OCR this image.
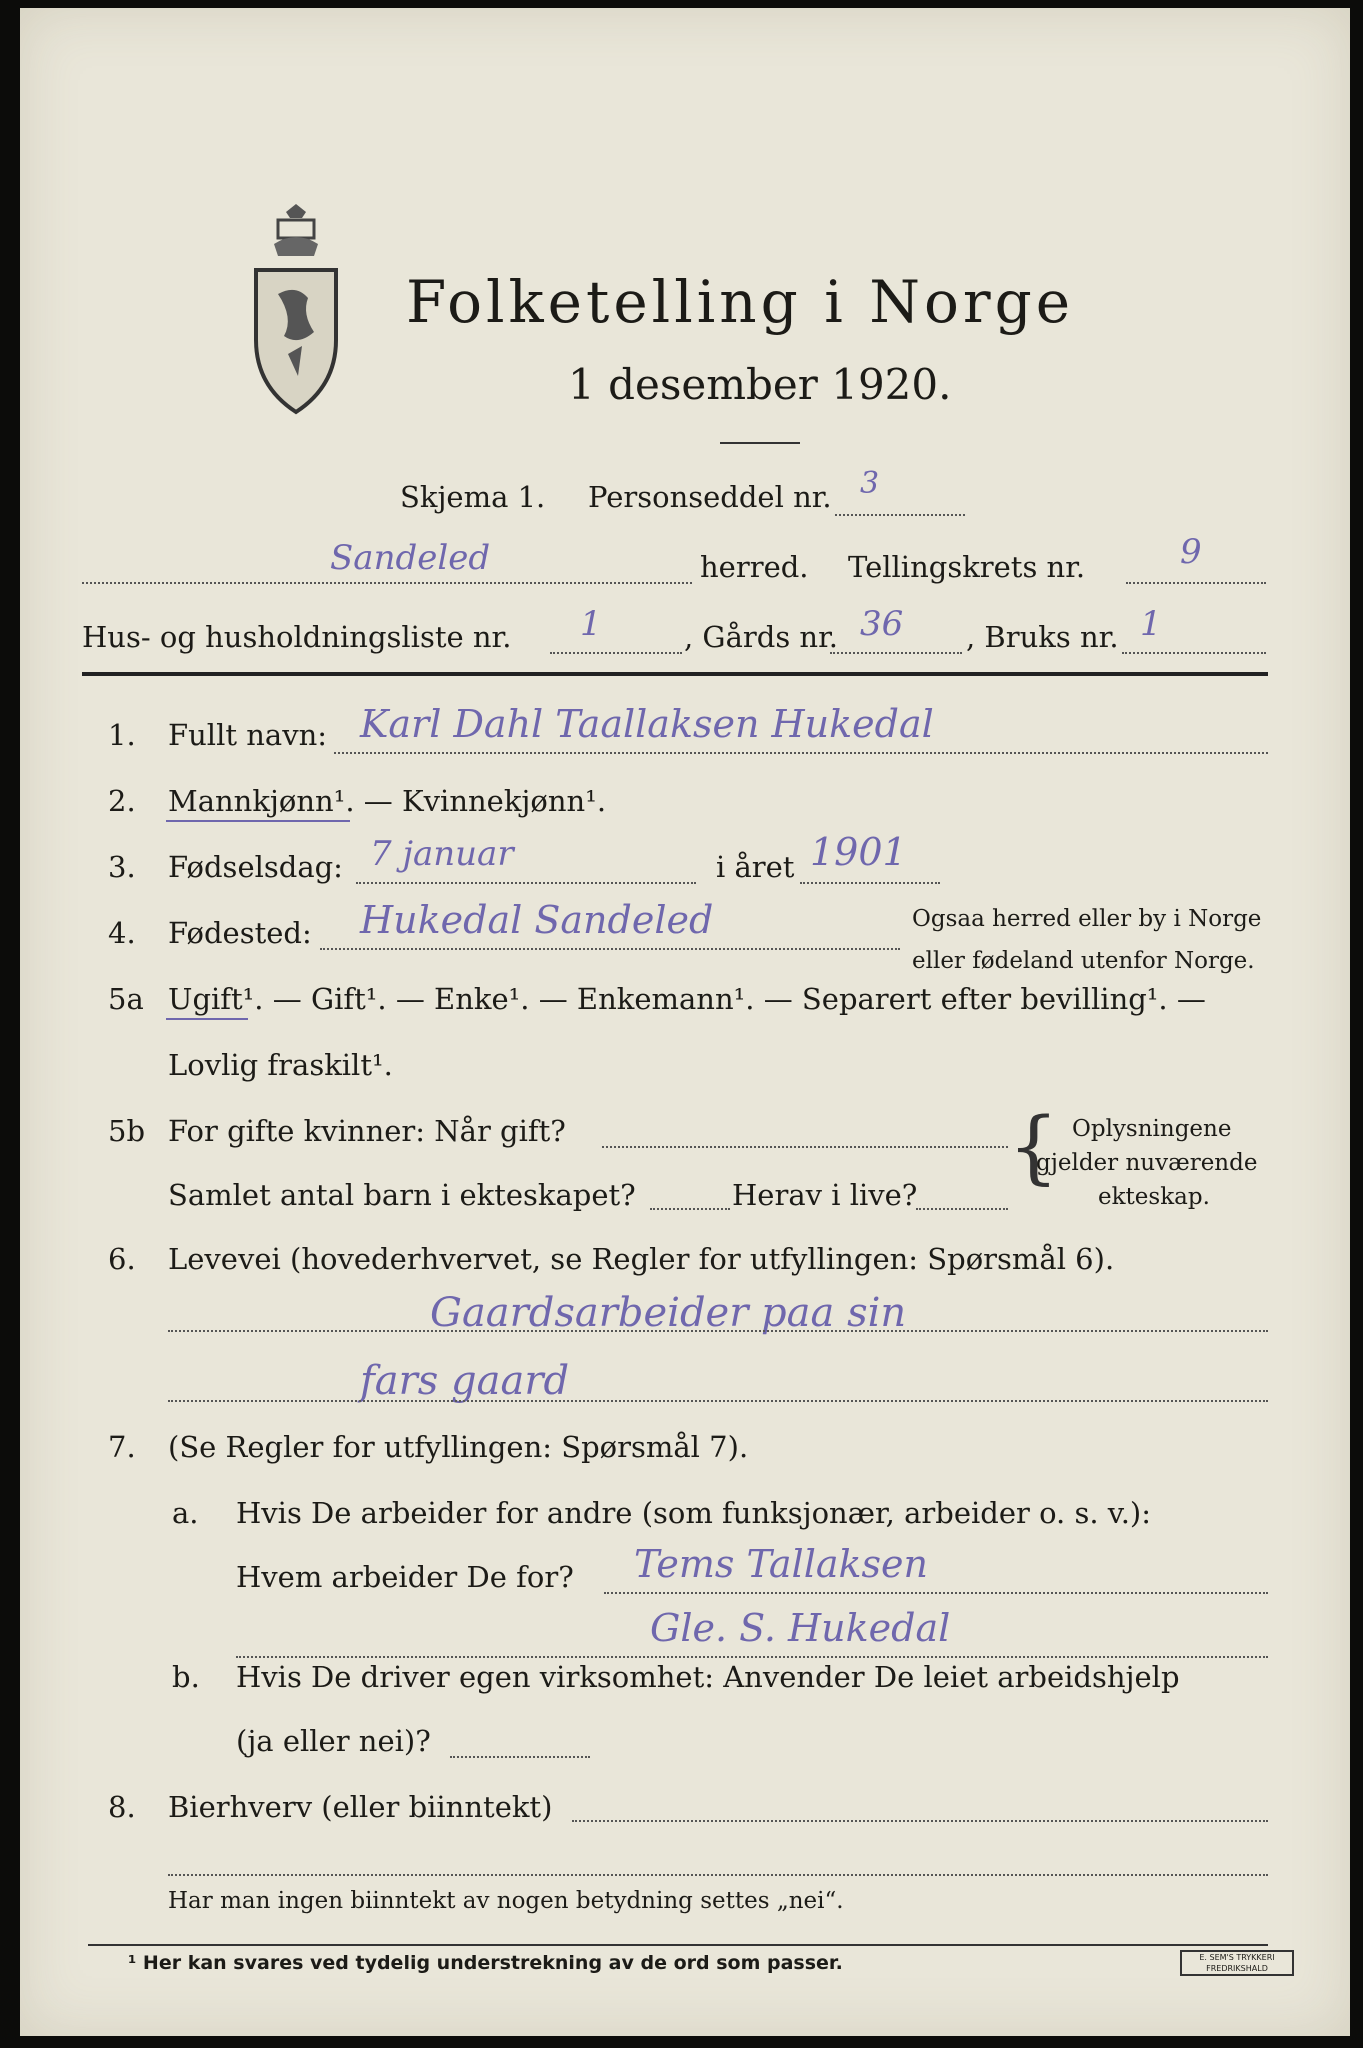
Folketelling i Norge
1 desember 1920.
Skjema 1. Personseddel nr. 3
Sandeled	herred. Tellingskrets nr.	9
Hus- og husholdningsliste nr. 1	, Gårds nr. 36 , Bruks nr. 1
1. Fullt navn: Karl Dahl Taallaksen Hukedal
2. Mannkjønn¹. — Kvinnekjønn¹.
3. Fødselsdag: 7 januar	i året 1901
4. Fødested: Hukedal Sandeled	Ogsaa herred eller by i Norge
eller fødeland utenfor Norge.
5a Ugift¹. — Gift¹. — Enke¹. — Enkemann¹. — Separert efter bevilling¹. —
Lovlig fraskilt¹.
5b For gifte kvinner: Når gift?
Samlet antal barn i ekteskapet?	Herav i live?
{ Oplysningene
gjelder nuværende
ekteskap.
6. Levevei (hovederhvervet, se Regler for utfyllingen: Spørsmål 6).
Gaardsarbeider paa sin
fars gaard
7. (Se Regler for utfyllingen: Spørsmål 7).
a. Hvis De arbeider for andre (som funksjonær, arbeider o. s. v.):
Hvem arbeider De for? Tems Tallaksen
Gle. S. Hukedal
b. Hvis De driver egen virksomhet: Anvender De leiet arbeidshjelp
(ja eller nei)?
8. Bierhverv (eller biinntekt)
Har man ingen biinntekt av nogen betydning settes „nei“.
¹ Her kan svares ved tydelig understrekning av de ord som passer.	E. SEM'S TRYKKERI FREDRIKSHALD
